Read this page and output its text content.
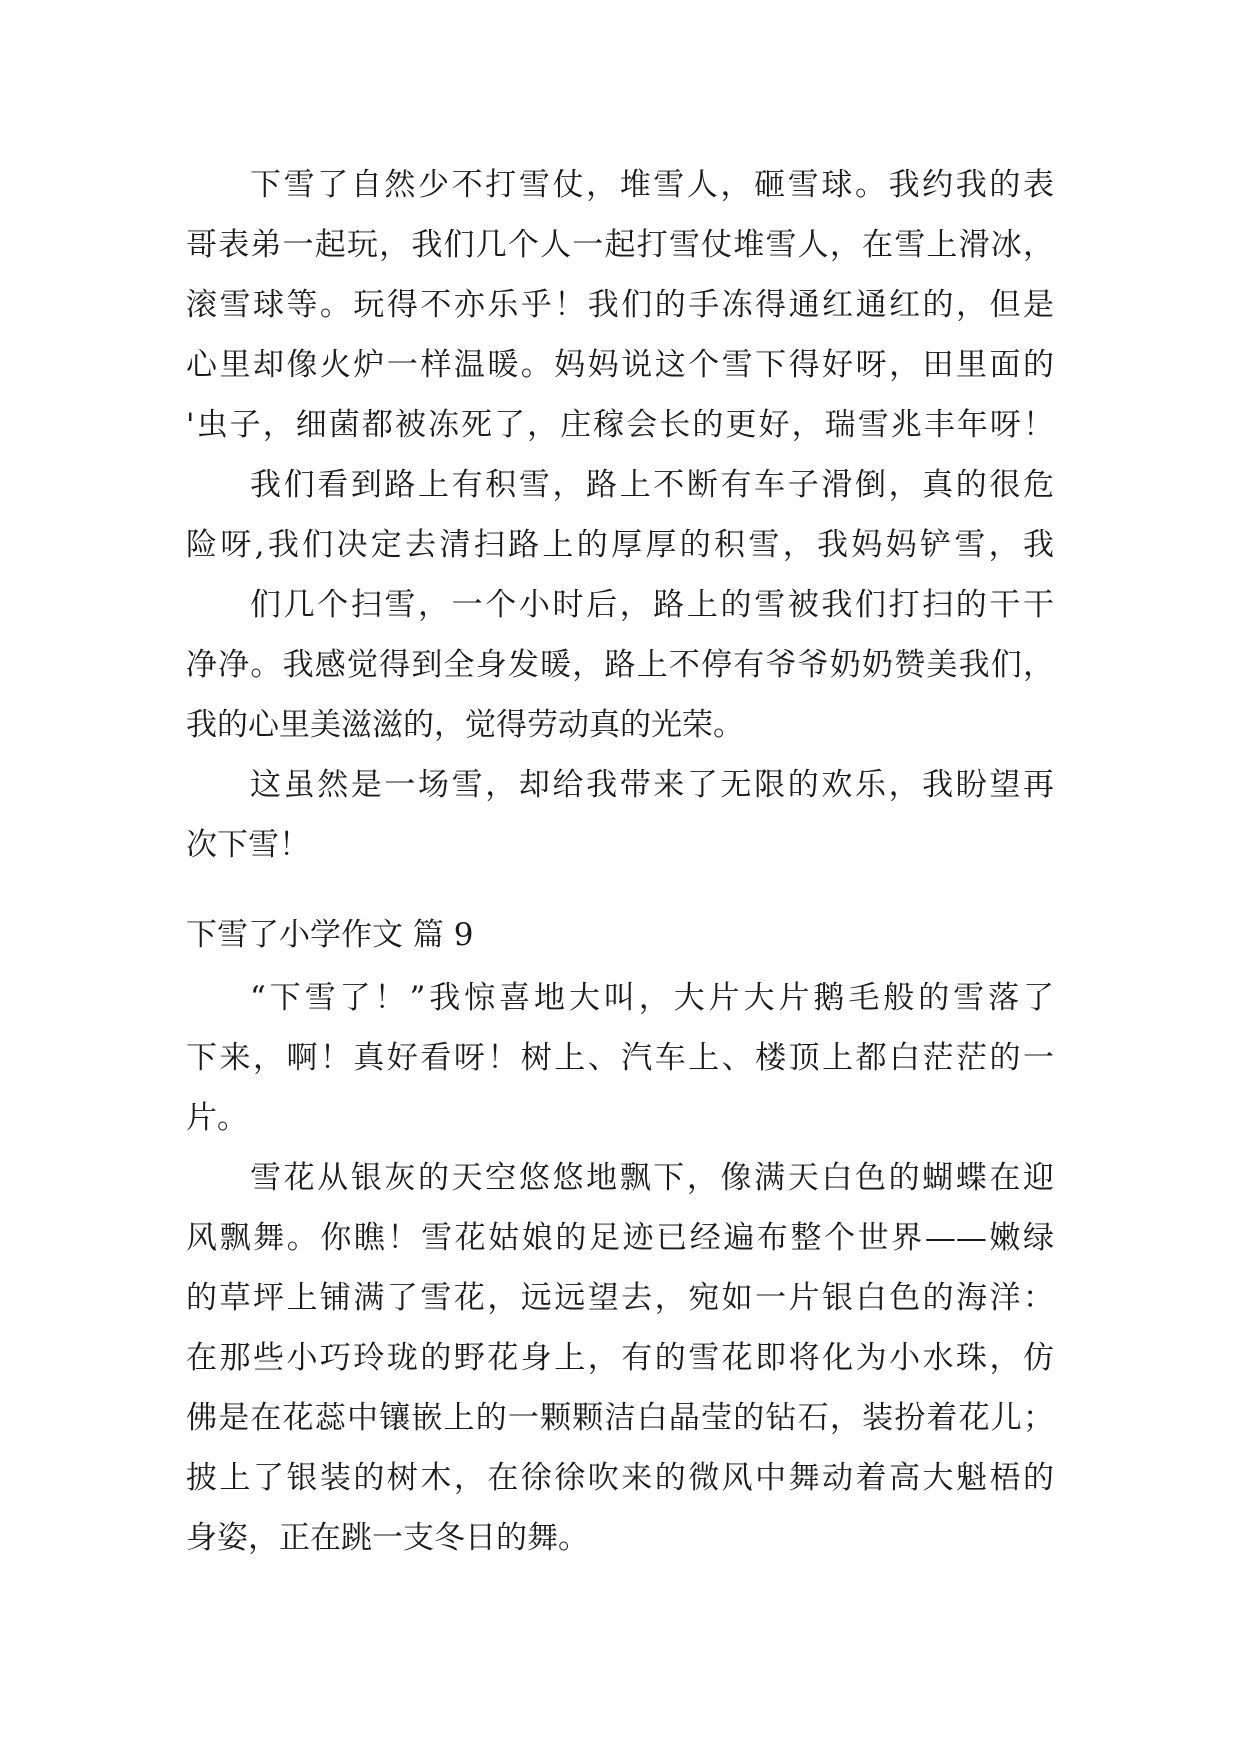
下雪了自然少不打雪仗，堆雪人，砸雪球。我约我的表
哥表弟一起玩，我们几个人一起打雪仗堆雪人，在雪上滑冰，
滚雪球等。玩得不亦乐乎！我们的手冻得通红通红的，但是
心里却像火炉一样温暖。妈妈说这个雪下得好呀，田里面的
'虫子，细菌都被冻死了，庄稼会长的更好，瑞雪兆丰年呀！
我们看到路上有积雪，路上不断有车子滑倒，真的很危
险呀,我们决定去清扫路上的厚厚的积雪，我妈妈铲雪，我
们几个扫雪，一个小时后，路上的雪被我们打扫的干干
净净。我感觉得到全身发暖，路上不停有爷爷奶奶赞美我们，
我的心里美滋滋的，觉得劳动真的光荣。
这虽然是一场雪，却给我带来了无限的欢乐，我盼望再
次下雪！
下雪了小学作文 篇 9
“下雪了！”我惊喜地大叫，大片大片鹅毛般的雪落了
下来，啊！真好看呀！树上、汽车上、楼顶上都白茫茫的一
片。
雪花从银灰的天空悠悠地飘下，像满天白色的蝴蝶在迎
风飘舞。你瞧！雪花姑娘的足迹已经遍布整个世界——嫩绿
的草坪上铺满了雪花，远远望去，宛如一片银白色的海洋：
在那些小巧玲珑的野花身上，有的雪花即将化为小水珠，仿
佛是在花蕊中镶嵌上的一颗颗洁白晶莹的钻石，装扮着花儿；
披上了银装的树木，在徐徐吹来的微风中舞动着高大魁梧的
身姿，正在跳一支冬日的舞。
